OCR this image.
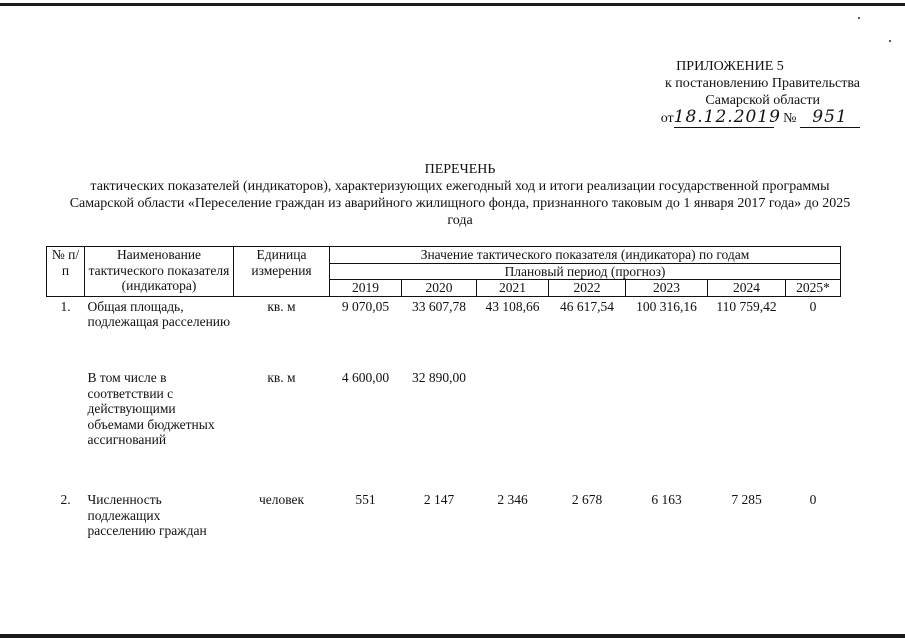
ПРИЛОЖЕНИЕ 5
к постановлению Правительства
Самарской области
от18.12.2019 № 951
ПЕРЕЧЕНЬ
тактических показателей (индикаторов), характеризующих ежегодный ход и итоги реализации государственной программы Самарской области «Переселение граждан из аварийного жилищного фонда, признанного таковым до 1 января 2017 года» до 2025 года
№ п/п	Наименование тактического показателя (индикатора)	Единица измерения	Значение тактического показателя (индикатора) по годам						
			Плановый период (прогноз)						
			2019	2020	2021	2022	2023	2024	2025*
1.	Общая площадь, подлежащая расселению	кв. м	9 070,05	33 607,78	43 108,66	46 617,54	100 316,16	110 759,42	0
	В том числе в соответствии с действующими объемами бюджетных ассигнований	кв. м	4 600,00	32 890,00					
2.	Численность подлежащих расселению граждан	человек	551	2 147	2 346	2 678	6 163	7 285	0
